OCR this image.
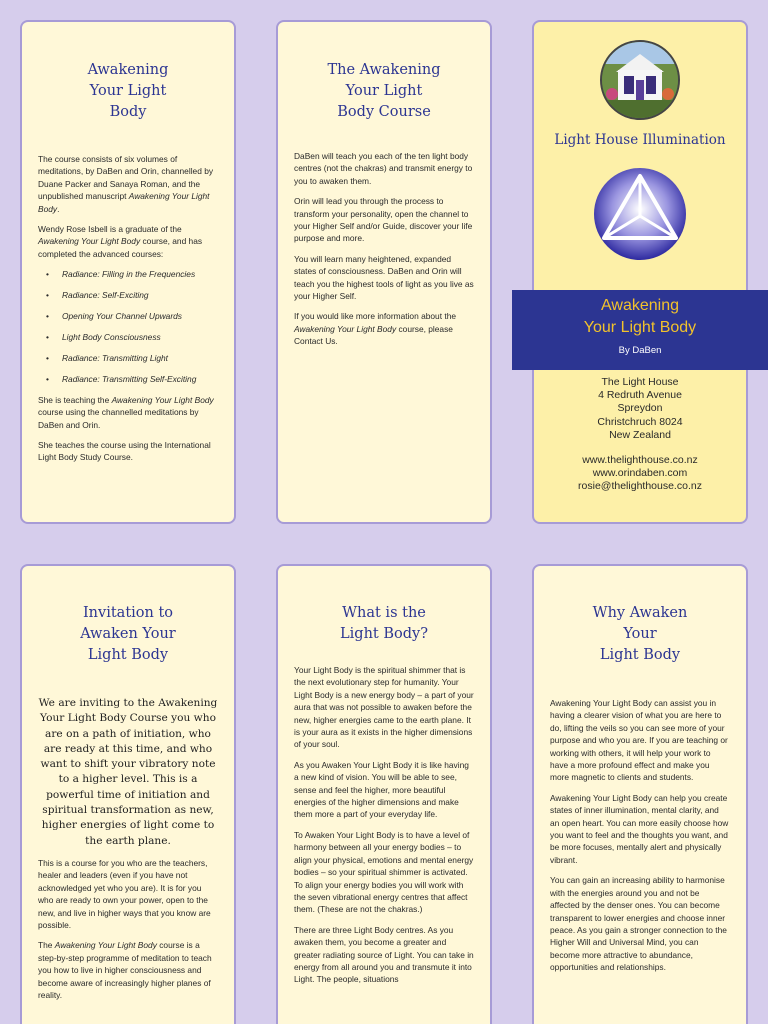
Awakening
Your Light
Body

The course consists of six volumes of meditations, by DaBen and Orin, channelled by Duane Packer and Sanaya Roman, and the unpublished manuscript Awakening Your Light Body.

Wendy Rose Isbell is a graduate of the Awakening Your Light Body course, and has completed the advanced courses:

• Radiance: Filling in the Frequencies
• Radiance: Self-Exciting
• Opening Your Channel Upwards
• Light Body Consciousness
• Radiance: Transmitting Light
• Radiance: Transmitting Self-Exciting

She is teaching the Awakening Your Light Body course using the channelled meditations by DaBen and Orin.

She teaches the course using the International Light Body Study Course.

The Awakening
Your Light
Body Course

DaBen will teach you each of the ten light body centres (not the chakras) and transmit energy to you to awaken them.

Orin will lead you through the process to transform your personality, open the channel to your Higher Self and/or Guide, discover your life purpose and more.

You will learn many heightened, expanded states of consciousness. DaBen and Orin will teach you the highest tools of light as you live as your Higher Self.

If you would like more information about the Awakening Your Light Body course, please Contact Us.

Light House Illumination
The Light House
4 Redruth Avenue
Spreydon
Christchruch 8024
New Zealand
www.thelighthouse.co.nz
www.orindaben.com
rosie@thelighthouse.co.nz
Awakening
Your Light Body
By DaBen
Invitation to
Awaken Your
Light Body
We are inviting to the Awakening Your Light Body Course you who are on a path of initiation, who are ready at this time, and who want to shift your vibratory note to a higher level. This is a powerful time of initiation and spiritual transformation as new, higher energies of light come to the earth plane.

This is a course for you who are the teachers, healer and leaders (even if you have not acknowledged yet who you are). It is for you who are ready to own your power, open to the new, and live in higher ways that you know are possible.

The Awakening Your Light Body course is a step-by-step programme of meditation to teach you how to live in higher consciousness and become aware of increasingly higher planes of reality.

What is the
Light Body?

Your Light Body is the spiritual shimmer that is the next evolutionary step for humanity. Your Light Body is a new energy body – a part of your aura that was not possible to awaken before the new, higher energies came to the earth plane. It is your aura as it exists in the higher dimensions of your soul.

As you Awaken Your Light Body it is like having a new kind of vision. You will be able to see, sense and feel the higher, more beautiful energies of the higher dimensions and make them more a part of your everyday life.

To Awaken Your Light Body is to have a level of harmony between all your energy bodies – to align your physical, emotions and mental energy bodies – so your spiritual shimmer is activated. To align your energy bodies you will work with the seven vibrational energy centres that affect them. (These are not the chakras.)

There are three Light Body centres. As you awaken them, you become a greater and greater radiating source of Light. You can take in energy from all around you and transmute it into Light. The people, situations

Why Awaken
Your
Light Body

Awakening Your Light Body can assist you in having a clearer vision of what you are here to do, lifting the veils so you can see more of your purpose and who you are. If you are teaching or working with others, it will help your work to have a more profound effect and make you more magnetic to clients and students.

Awakening Your Light Body can help you create states of inner illumination, mental clarity, and an open heart. You can more easily choose how you want to feel and the thoughts you want, and be more focuses, mentally alert and physically vibrant.

You can gain an increasing ability to harmonise with the energies around you and not be affected by the denser ones. You can become transparent to lower energies and choose inner peace. As you gain a stronger connection to the Higher Will and Universal Mind, you can become more attractive to abundance, opportunities and relationships.
